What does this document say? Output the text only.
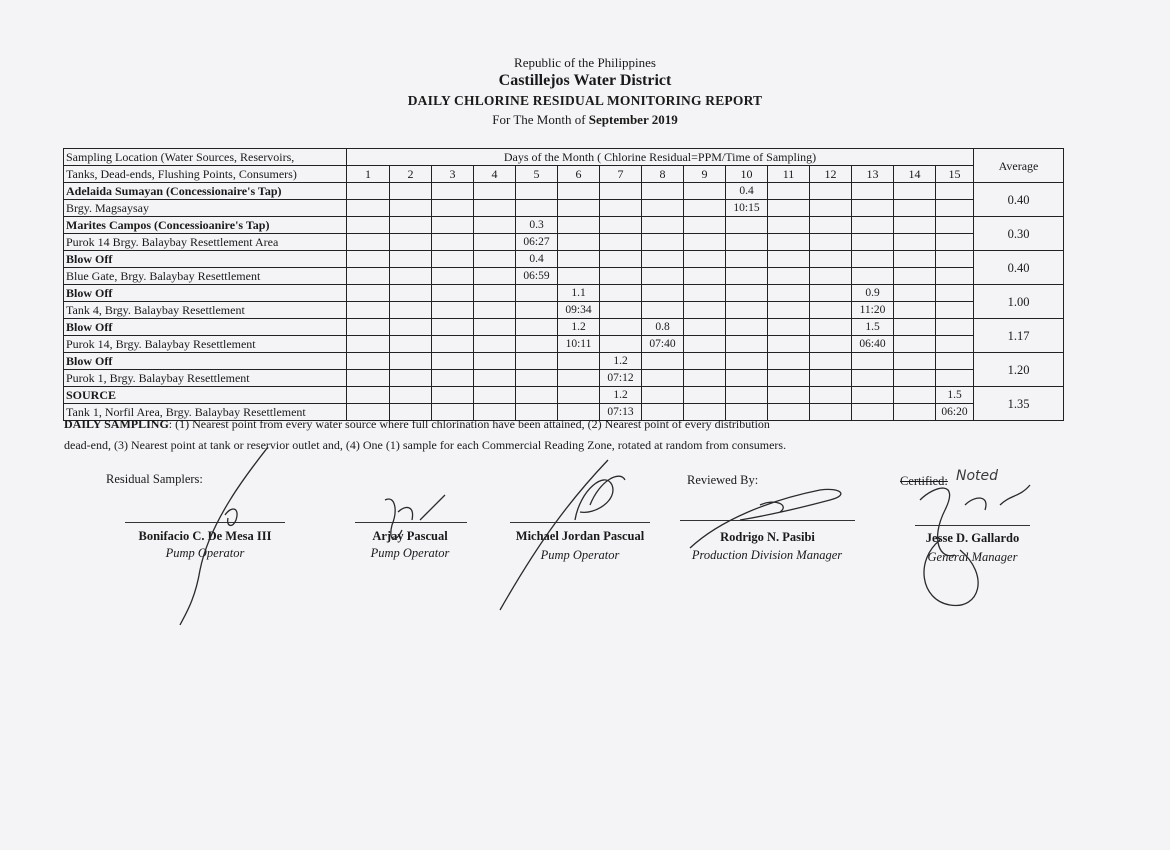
Republic of the Philippines
Castillejos Water District
DAILY CHLORINE RESIDUAL MONITORING REPORT
For The Month of September 2019
Sampling Location (Water Sources, Reservoirs,	Days of the Month ( Chlorine Residual=PPM/Time of Sampling)															Average
Tanks, Dead-ends, Flushing Points, Consumers)	1	2	3	4	5	6	7	8	9	10	11	12	13	14	15	
Adelaida Sumayan (Concessionaire's Tap)										0.4						0.40
Brgy. Magsaysay										10:15						
Marites Campos (Concessioanire's Tap)					0.3											0.30
Purok 14 Brgy. Balaybay Resettlement Area					06:27											
Blow Off					0.4											0.40
Blue Gate, Brgy. Balaybay Resettlement					06:59											
Blow Off						1.1							0.9			1.00
Tank 4, Brgy. Balaybay Resettlement						09:34							11:20			
Blow Off						1.2		0.8					1.5			1.17
Purok 14, Brgy. Balaybay Resettlement						10:11		07:40					06:40			
Blow Off							1.2									1.20
Purok 1, Brgy. Balaybay Resettlement							07:12									
SOURCE							1.2								1.5	1.35
Tank 1, Norfil Area, Brgy. Balaybay Resettlement							07:13								06:20	
DAILY SAMPLING: (1) Nearest point from every water source where full chlorination have been attained, (2) Nearest point of every distribution
dead-end, (3) Nearest point at tank or reservior outlet and, (4) One (1) sample for each Commercial Reading Zone, rotated at random from consumers.
Residual Samplers:	Reviewed By:	Certified: Noted
Bonifacio C. De Mesa III
Pump Operator
Arjay Pascual
Pump Operator
Michael Jordan Pascual
Pump Operator
Rodrigo N. Pasibi
Production Division Manager
Jesse D. Gallardo
General Manager
